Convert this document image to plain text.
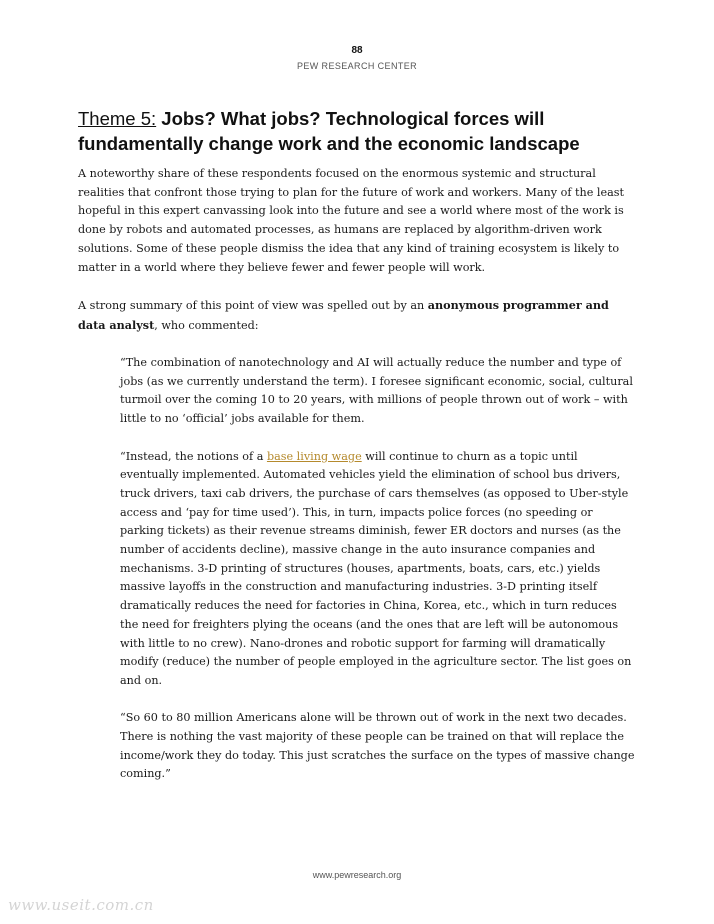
88
PEW RESEARCH CENTER
Theme 5: Jobs? What jobs? Technological forces will fundamentally change work and the economic landscape

A noteworthy share of these respondents focused on the enormous systemic and structural realities that confront those trying to plan for the future of work and workers. Many of the least hopeful in this expert canvassing look into the future and see a world where most of the work is done by robots and automated processes, as humans are replaced by algorithm-driven work solutions. Some of these people dismiss the idea that any kind of training ecosystem is likely to matter in a world where they believe fewer and fewer people will work.

A strong summary of this point of view was spelled out by an anonymous programmer and data analyst, who commented:

“The combination of nanotechnology and AI will actually reduce the number and type of jobs (as we currently understand the term). I foresee significant economic, social, cultural turmoil over the coming 10 to 20 years, with millions of people thrown out of work – with little to no ‘official’ jobs available for them.

“Instead, the notions of a base living wage will continue to churn as a topic until eventually implemented. Automated vehicles yield the elimination of school bus drivers, truck drivers, taxi cab drivers, the purchase of cars themselves (as opposed to Uber-style access and ‘pay for time used’). This, in turn, impacts police forces (no speeding or parking tickets) as their revenue streams diminish, fewer ER doctors and nurses (as the number of accidents decline), massive change in the auto insurance companies and mechanisms. 3-D printing of structures (houses, apartments, boats, cars, etc.) yields massive layoffs in the construction and manufacturing industries. 3-D printing itself dramatically reduces the need for factories in China, Korea, etc., which in turn reduces the need for freighters plying the oceans (and the ones that are left will be autonomous with little to no crew). Nano-drones and robotic support for farming will dramatically modify (reduce) the number of people employed in the agriculture sector. The list goes on and on.

“So 60 to 80 million Americans alone will be thrown out of work in the next two decades. There is nothing the vast majority of these people can be trained on that will replace the income/work they do today. This just scratches the surface on the types of massive change coming.”

www.pewresearch.org
www.useit.com.cn
